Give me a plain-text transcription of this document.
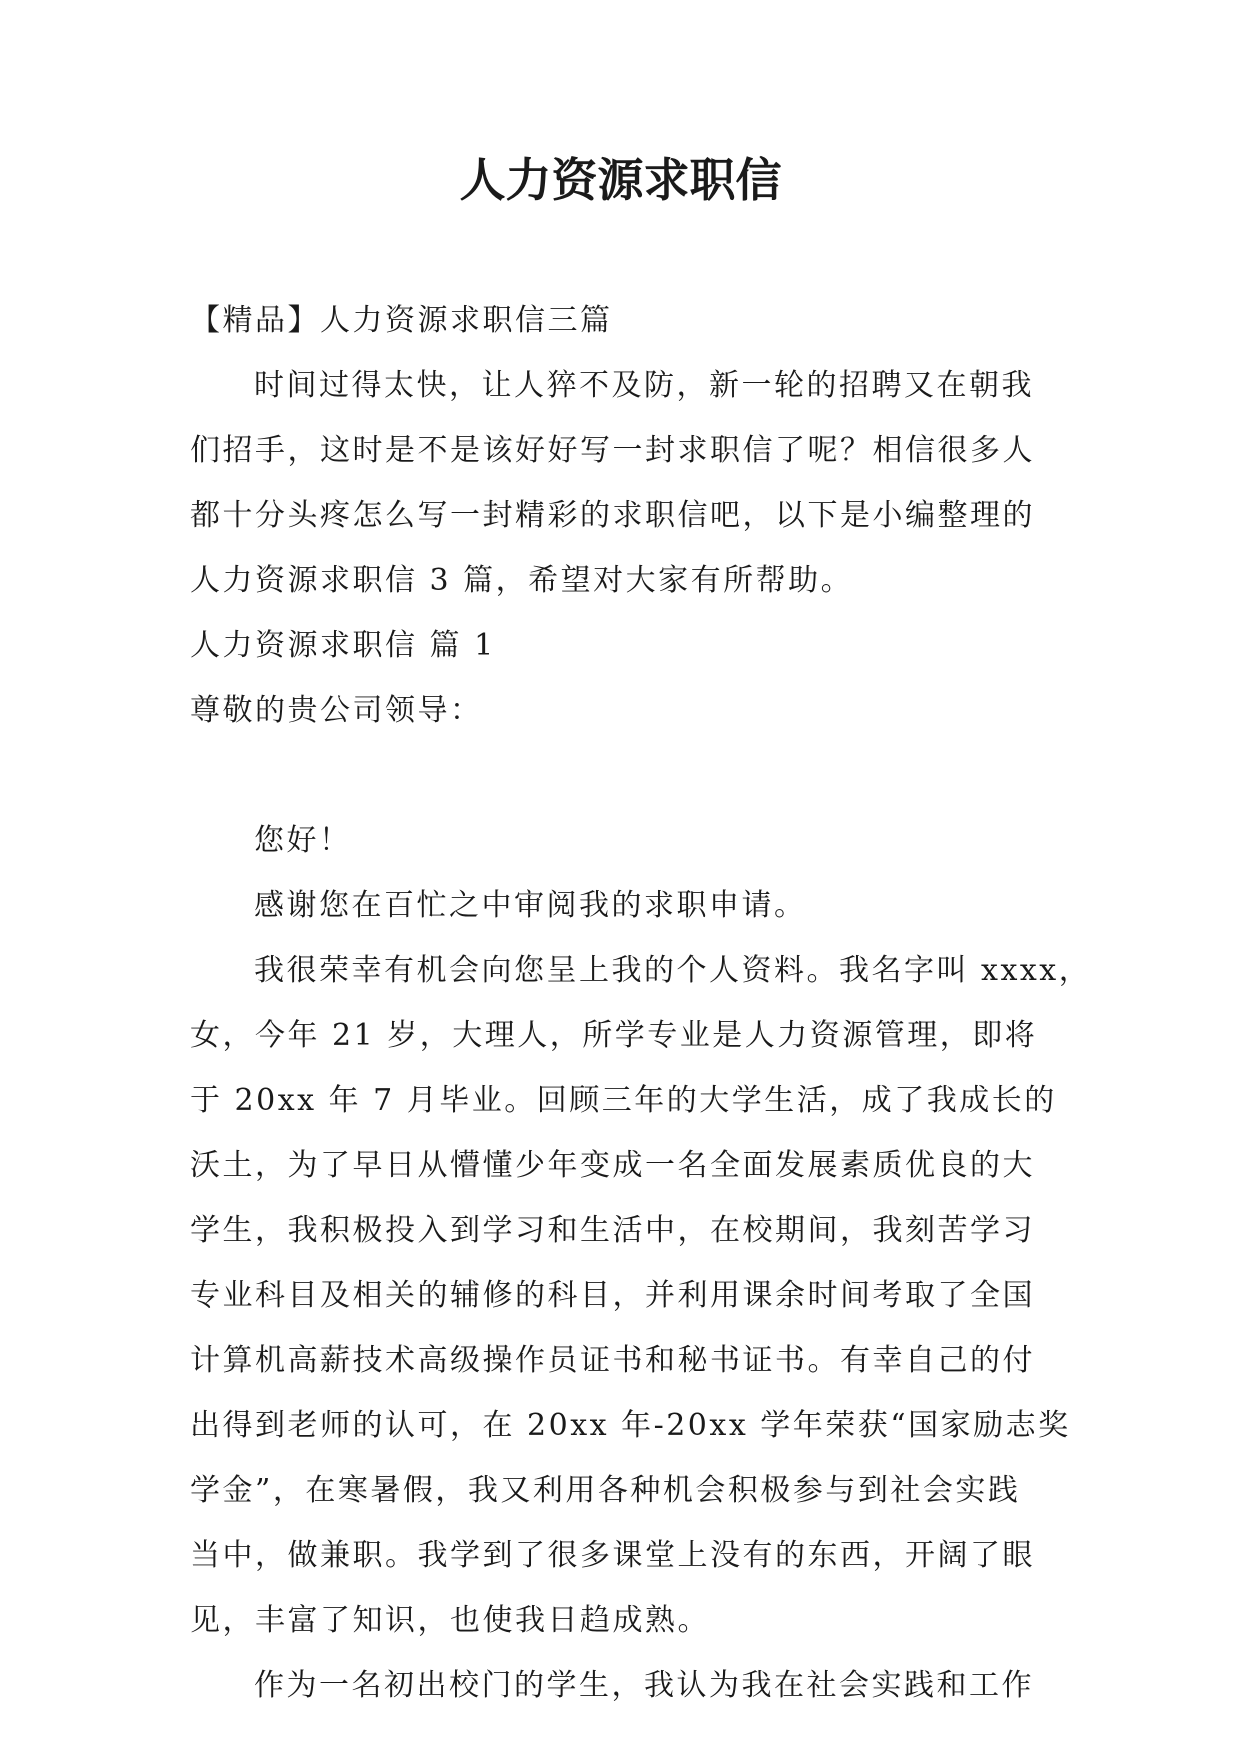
人力资源求职信
【精品】人力资源求职信三篇
时间过得太快，让人猝不及防，新一轮的招聘又在朝我
们招手，这时是不是该好好写一封求职信了呢？相信很多人
都十分头疼怎么写一封精彩的求职信吧，以下是小编整理的
人力资源求职信 3 篇，希望对大家有所帮助。
人力资源求职信 篇 1
尊敬的贵公司领导：
您好！
感谢您在百忙之中审阅我的求职申请。
我很荣幸有机会向您呈上我的个人资料。我名字叫 xxxx，
女，今年 21 岁，大理人，所学专业是人力资源管理，即将
于 20xx 年 7 月毕业。回顾三年的大学生活，成了我成长的
沃土，为了早日从懵懂少年变成一名全面发展素质优良的大
学生，我积极投入到学习和生活中，在校期间，我刻苦学习
专业科目及相关的辅修的科目，并利用课余时间考取了全国
计算机高薪技术高级操作员证书和秘书证书。有幸自己的付
出得到老师的认可，在 20xx 年-20xx 学年荣获“国家励志奖
学金”，在寒暑假，我又利用各种机会积极参与到社会实践
当中，做兼职。我学到了很多课堂上没有的东西，开阔了眼
见，丰富了知识，也使我日趋成熟。
作为一名初出校门的学生，我认为我在社会实践和工作
